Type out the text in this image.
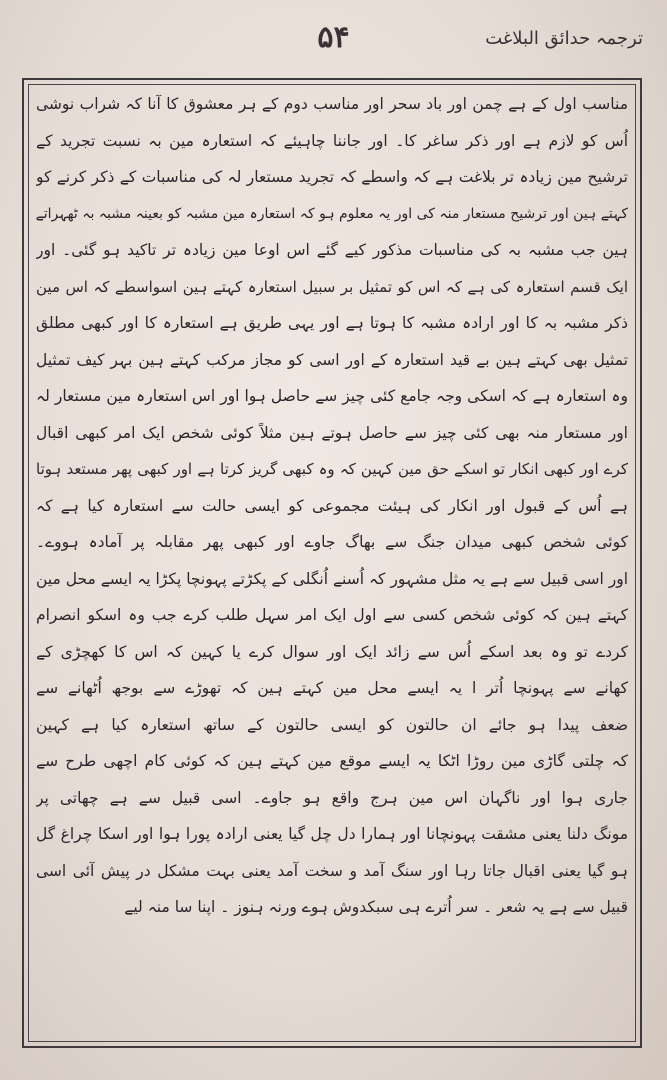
۵۴	ترجمہ حدائق البلاغت
مناسب اول کے ہے چمن اور باد سحر اور مناسب دوم کے ہر معشوق کا آنا کہ شراب نوشی
اُس کو لازم ہے اور ذکر ساغر کا۔ اور جاننا چاہیئے کہ استعارہ مین بہ نسبت تجرید کے
ترشیح مین زیادہ تر بلاغت ہے کہ واسطے کہ تجرید مستعار لہ کی مناسبات کے ذکر کرنے کو
کہتے ہین اور ترشیح مستعار منہ کی اور یہ معلوم ہو کہ استعارہ مین مشبہ کو بعینہ مشبہ بہ ٹھہراتے
ہین جب مشبہ بہ کی مناسبات مذکور کیے گئے اس اوعا مین زیادہ تر تاکید ہو گئی۔ اور
ایک قسم استعارہ کی ہے کہ اس کو تمثیل بر سبیل استعارہ کہتے ہین اسواسطے کہ اس مین
ذکر مشبہ بہ کا اور ارادہ مشبہ کا ہوتا ہے اور یہی طریق ہے استعارہ کا اور کبھی مطلق
تمثیل بھی کہتے ہین بے قید استعارہ کے اور اسی کو مجاز مرکب کہتے ہین بہر کیف تمثیل
وہ استعارہ ہے کہ اسکی وجہ جامع کئی چیز سے حاصل ہوا اور اس استعارہ مین مستعار لہ
اور مستعار منہ بھی کئی چیز سے حاصل ہوتے ہین مثلاً کوئی شخص ایک امر کبھی اقبال
کرے اور کبھی انکار تو اسکے حق مین کہین کہ وہ کبھی گریز کرتا ہے اور کبھی پھر مستعد ہوتا
ہے اُس کے قبول اور انکار کی ہیئت مجموعی کو ایسی حالت سے استعارہ کیا ہے کہ
کوئی شخص کبھی میدان جنگ سے بھاگ جاوے اور کبھی پھر مقابلہ پر آمادہ ہووے۔
اور اسی قبیل سے ہے یہ مثل مشہور کہ اُسنے اُنگلی کے پکڑتے پہونچا پکڑا یہ ایسے محل مین
کہتے ہین کہ کوئی شخص کسی سے اول ایک امر سہل طلب کرے جب وہ اسکو انصرام
کردے تو وہ بعد اسکے اُس سے زائد ایک اور سوال کرے یا کہین کہ اس کا کھچڑی کے
کھانے سے پہونچا اُتر ا یہ ایسے محل مین کہتے ہین کہ تھوڑے سے بوجھ اُٹھانے سے
ضعف پیدا ہو جائے ان حالتون کو ایسی حالتون کے ساتھ استعارہ کیا ہے کہین
کہ چلتی گاڑی مین روڑا اٹکا یہ ایسے موقع مین کہتے ہین کہ کوئی کام اچھی طرح سے
جاری ہوا اور ناگہان اس مین ہرج واقع ہو جاوے۔ اسی قبیل سے ہے چھاتی پر
مونگ دلنا یعنی مشقت پہونچانا اور ہمارا دل چل گیا یعنی ارادہ پورا ہوا اور اسکا چراغ گل
ہو گیا یعنی اقبال جاتا رہا اور سنگ آمد و سخت آمد یعنی بہت مشکل در پیش آئی اسی
قبیل سے ہے یہ شعر ۔ سر اُترے ہی سبکدوش ہوے ورنہ ہنوز ۔ اپنا سا منہ لیے
